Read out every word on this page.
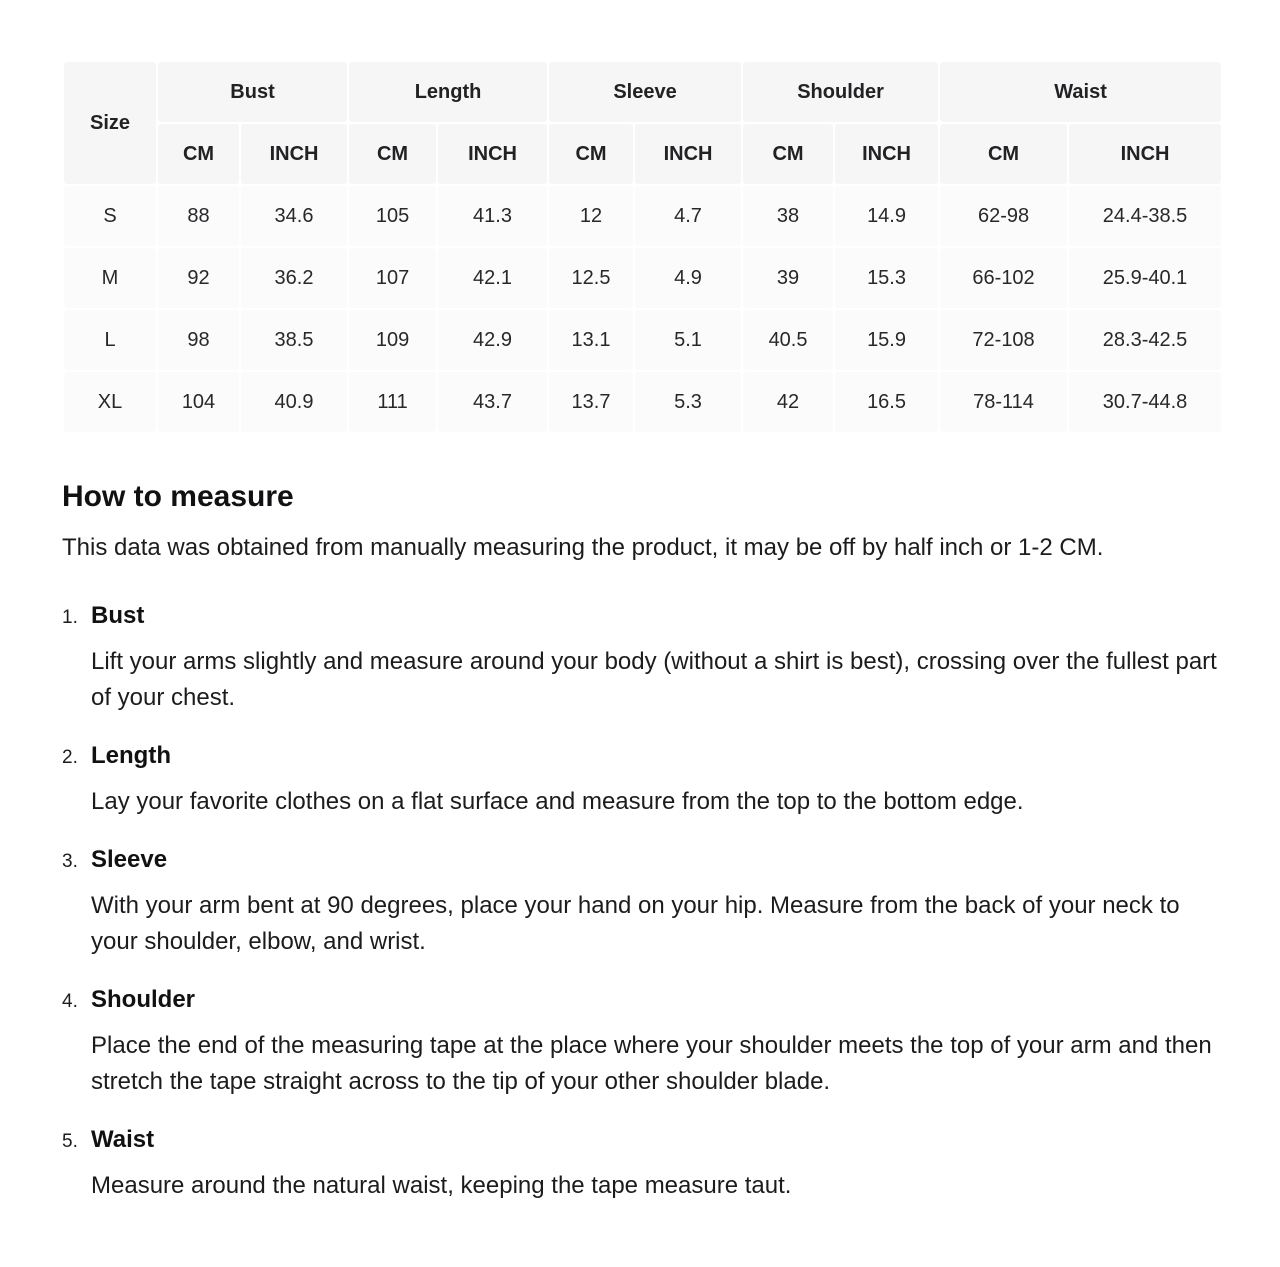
Size	Bust		Length		Sleeve		Shoulder		Waist	
	CM	INCH	CM	INCH	CM	INCH	CM	INCH	CM	INCH
S	88	34.6	105	41.3	12	4.7	38	14.9	62-98	24.4-38.5
M	92	36.2	107	42.1	12.5	4.9	39	15.3	66-102	25.9-40.1
L	98	38.5	109	42.9	13.1	5.1	40.5	15.9	72-108	28.3-42.5
XL	104	40.9	111	43.7	13.7	5.3	42	16.5	78-114	30.7-44.8
How to measure

This data was obtained from manually measuring the product, it may be off by half inch or 1-2 CM.

1. Bust

Lift your arms slightly and measure around your body (without a shirt is best), crossing over the fullest part of your chest.

2. Length

Lay your favorite clothes on a flat surface and measure from the top to the bottom edge.

3. Sleeve

With your arm bent at 90 degrees, place your hand on your hip. Measure from the back of your neck to your shoulder, elbow, and wrist.

4. Shoulder

Place the end of the measuring tape at the place where your shoulder meets the top of your arm and then stretch the tape straight across to the tip of your other shoulder blade.

5. Waist

Measure around the natural waist, keeping the tape measure taut.
